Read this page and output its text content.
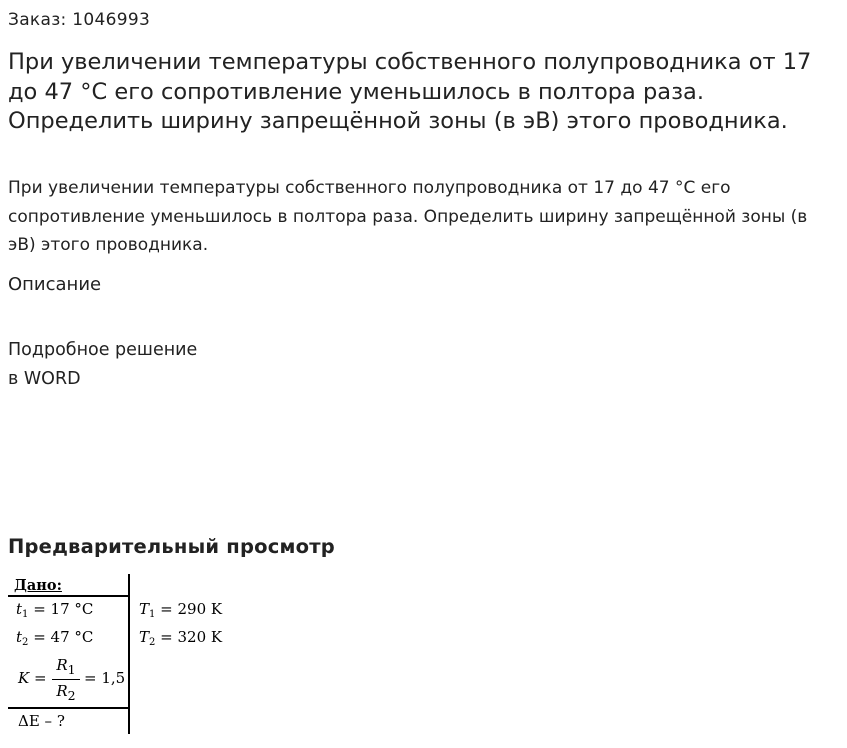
Заказ: 1046993
При увеличении температуры собственного полупроводника от 17 до 47 °С его сопротивление уменьшилось в полтора раза. Определить ширину запрещённой зоны (в эВ) этого проводника.

При увеличении температуры собственного полупроводника от 17 до 47 °С его сопротивление уменьшилось в полтора раза. Определить ширину запрещённой зоны (в эВ) этого проводника.

Описание
Подробное решение
в WORD
Предварительный просмотр
Дано:
$t_1 = 17$ °C
$t_2 = 47$ °C
K =
$R_1$
$R_2$
= 1,5
$T_1 = 290$ K
$T_2 = 320$ K
ΔE – ?
